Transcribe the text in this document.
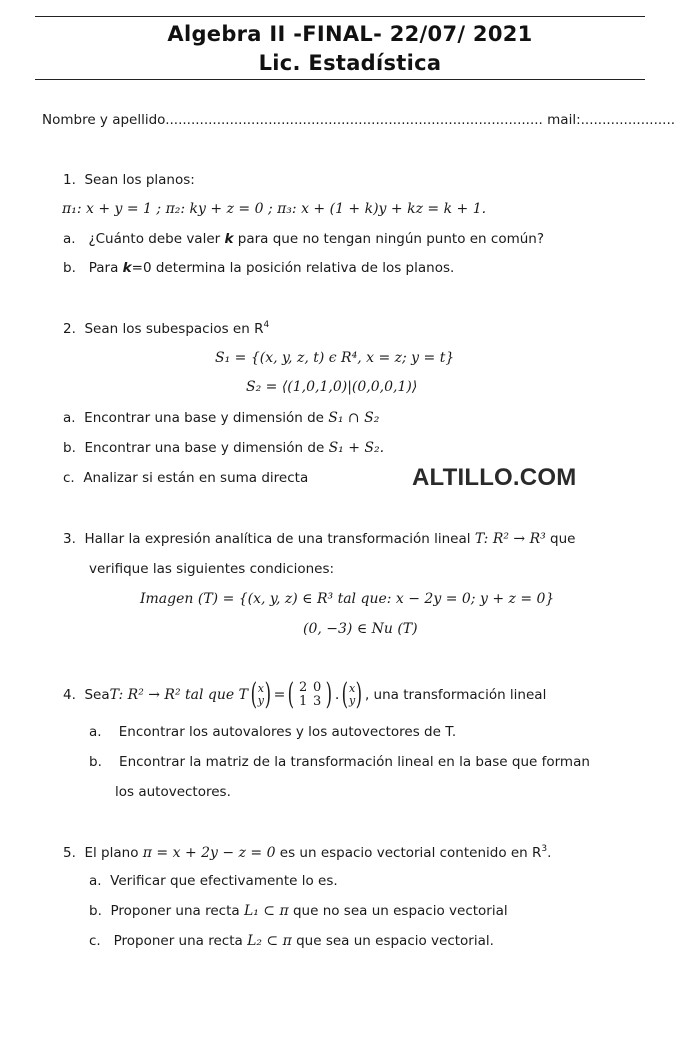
Algebra II -FINAL- 22/07/ 2021
Lic. Estadística
Nombre y apellido........................................................................................ mail:......................
1. Sean los planos:
π₁: x + y = 1 ; π₂: ky + z = 0 ; π₃: x + (1 + k)y + kz = k + 1.
a. ¿Cuánto debe valer k para que no tengan ningún punto en común?
b. Para k=0 determina la posición relativa de los planos.
2. Sean los subespacios en $R^4$
S₁ = {(x, y, z, t) ϵ R⁴, x = z; y = t}
S₂ = ⟨(1,0,1,0)|(0,0,0,1)⟩
a. Encontrar una base y dimensión de S₁ ∩ S₂
b. Encontrar una base y dimensión de S₁ + S₂.
c. Analizar si están en suma directa	ALTILLO.COM
3. Hallar la expresión analítica de una transformación lineal T: R² → R³ que
verifique las siguientes condiciones:
Imagen (T) = {(x, y, z) ∈ R³ tal que: x − 2y = 0; y + z = 0}
(0, −3) ∈ Nu (T)
4.
Sea T: R² → R² tal que T ( x
y ) = ( 2 0
1 3 ) . ( x
y ) , una transformación lineal
a. Encontrar los autovalores y los autovectores de T.
b. Encontrar la matriz de la transformación lineal en la base que forman
los autovectores.
5. El plano π = x + 2y − z = 0 es un espacio vectorial contenido en $R^3$.
a. Verificar que efectivamente lo es.
b. Proponer una recta L₁ ⊂ π que no sea un espacio vectorial
c. Proponer una recta L₂ ⊂ π que sea un espacio vectorial.
